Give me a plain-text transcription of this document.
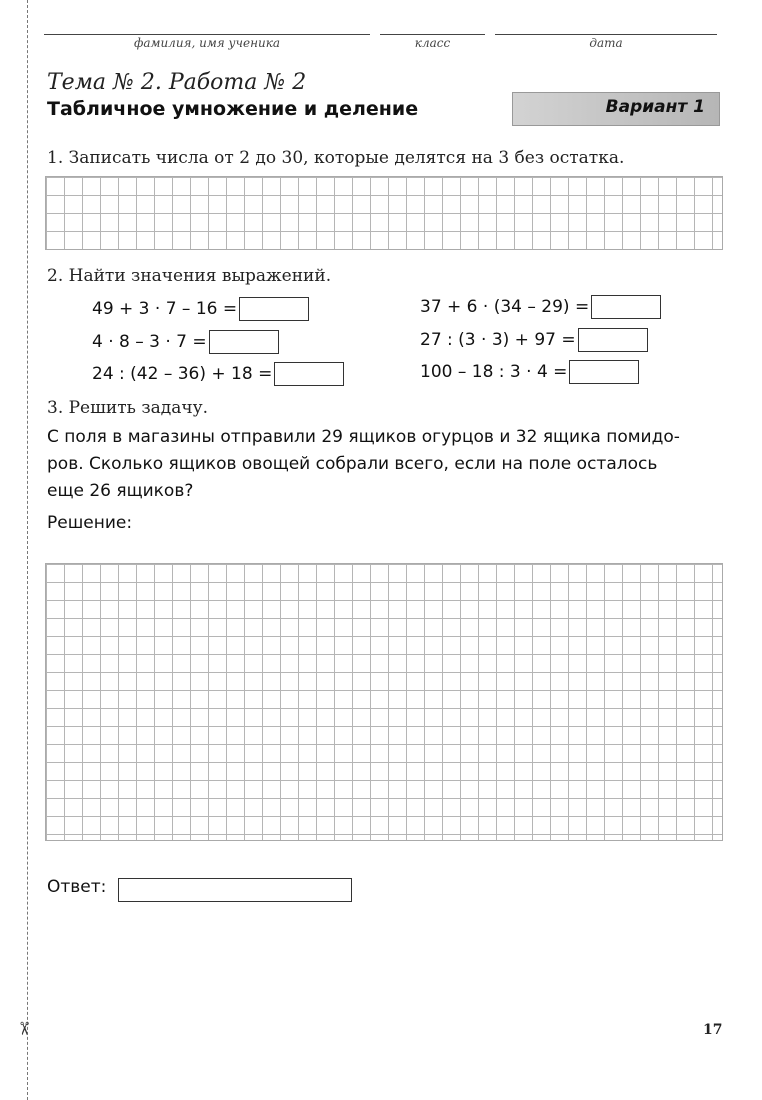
✂
фамилия, имя ученика	класс	дата
Тема № 2. Работа № 2
Табличное умножение и деление	Вариант 1
1. Записать числа от 2 до 30, которые делятся на 3 без остатка.
2. Найти значения выражений.
49 + 3 · 7 – 16 =	37 + 6 · (34 – 29) =
4 · 8 – 3 · 7 =	27 : (3 · 3) + 97 =
24 : (42 – 36) + 18 =	100 – 18 : 3 · 4 =
3. Решить задачу.
С поля в магазины отправили 29 ящиков огурцов и 32 ящика помидо-
ров. Сколько ящиков овощей собрали всего, если на поле осталось
еще 26 ящиков?
Решение:
Ответ:
17
